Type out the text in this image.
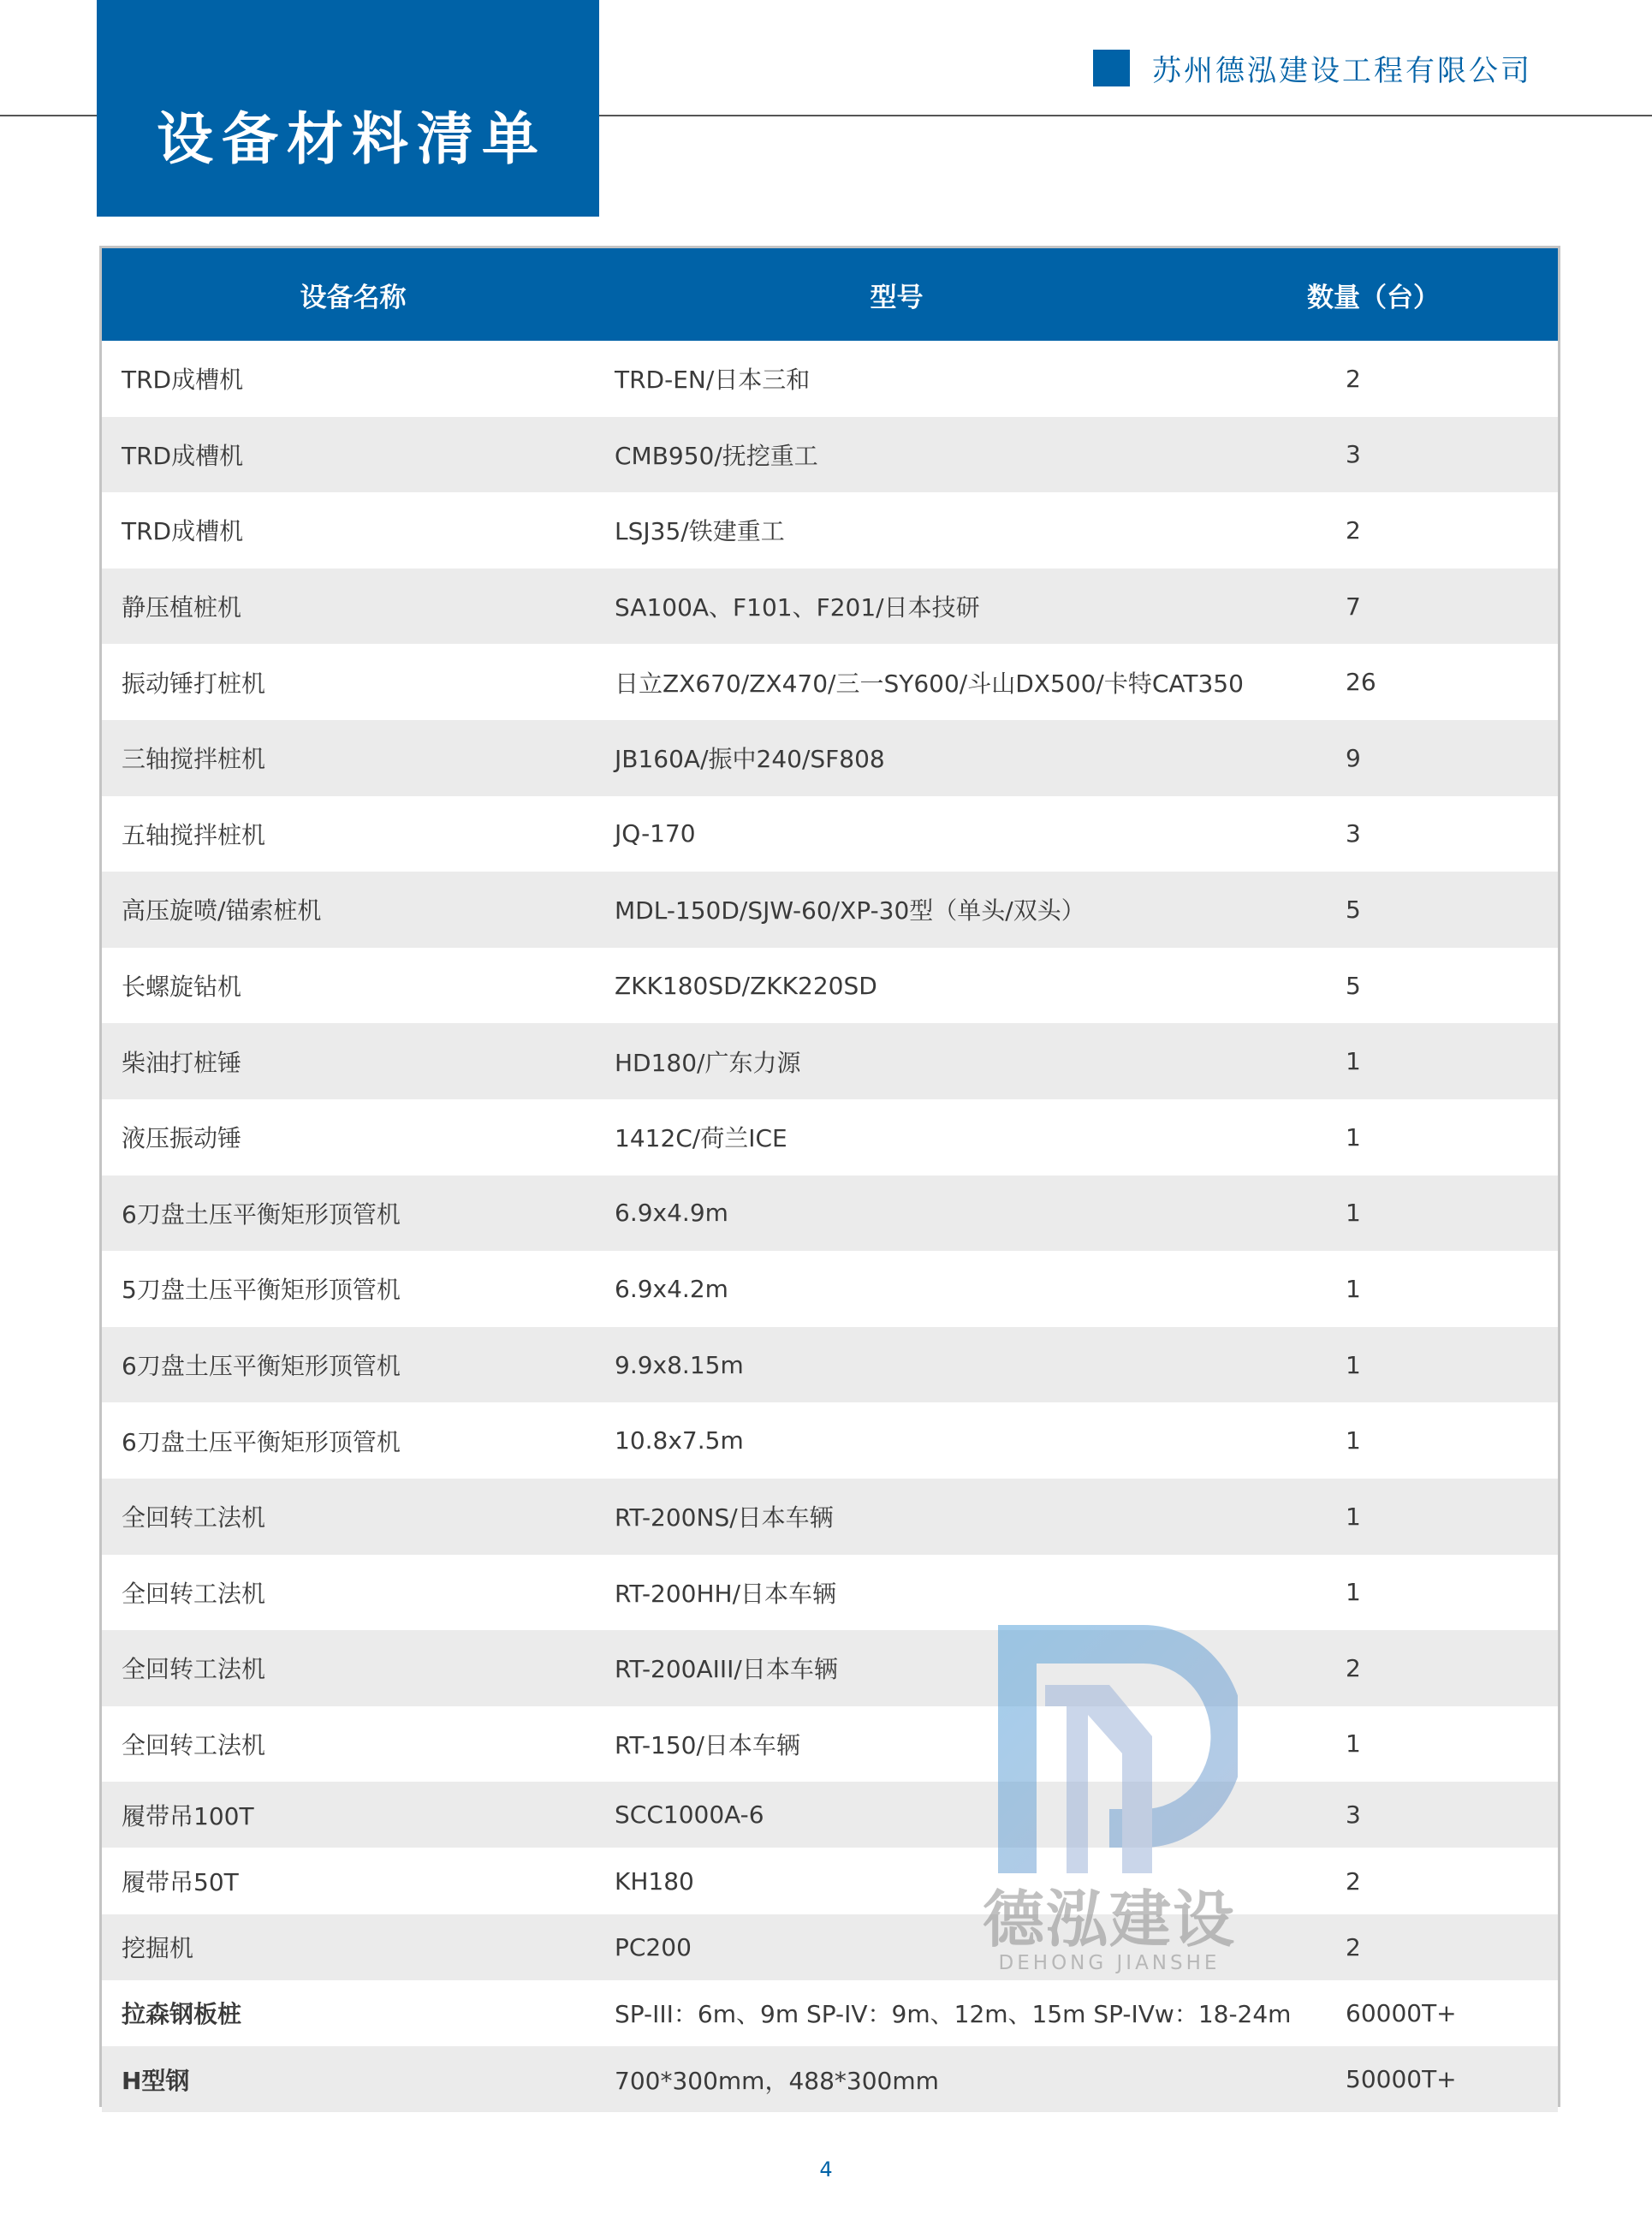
设备材料清单
苏州德泓建设工程有限公司
设备名称	型号	数量（台）
TRD成槽机	TRD-EN/日本三和	2
TRD成槽机	CMB950/抚挖重工	3
TRD成槽机	LSJ35/铁建重工	2
静压植桩机	SA100A、F101、F201/日本技研	7
振动锤打桩机	日立ZX670/ZX470/三一SY600/斗山DX500/卡特CAT350	26
三轴搅拌桩机	JB160A/振中240/SF808	9
五轴搅拌桩机	JQ-170	3
高压旋喷/锚索桩机	MDL-150D/SJW-60/XP-30型（单头/双头）	5
长螺旋钻机	ZKK180SD/ZKK220SD	5
柴油打桩锤	HD180/广东力源	1
液压振动锤	1412C/荷兰ICE	1
6刀盘土压平衡矩形顶管机	6.9x4.9m	1
5刀盘土压平衡矩形顶管机	6.9x4.2m	1
6刀盘土压平衡矩形顶管机	9.9x8.15m	1
6刀盘土压平衡矩形顶管机	10.8x7.5m	1
全回转工法机	RT-200NS/日本车辆	1
全回转工法机	RT-200HH/日本车辆	1
全回转工法机	RT-200AIII/日本车辆	2
全回转工法机	RT-150/日本车辆	1
履带吊100T	SCC1000A-6	3
履带吊50T	KH180	2
挖掘机	PC200	2
拉森钢板桩	SP-III：6m、9m SP-IV：9m、12m、15m SP-IVw：18-24m	60000T+
H型钢	700*300mm，488*300mm	50000T+
德泓建设
DEHONG JIANSHE
4
